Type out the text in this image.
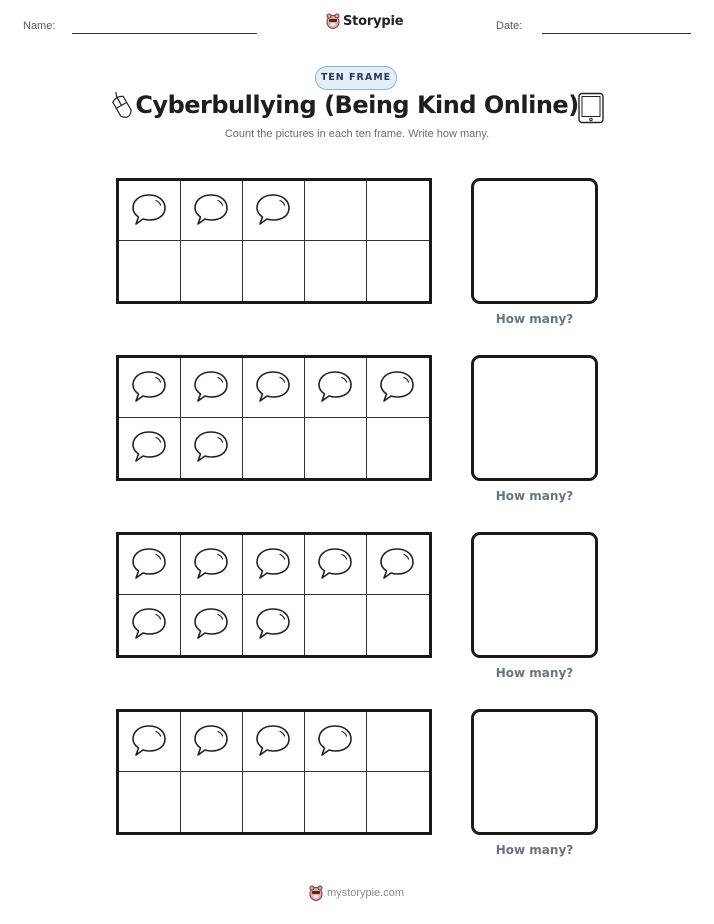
Name:	Storypie	Date:
TEN FRAME
Cyberbullying (Being Kind Online)
Count the pictures in each ten frame. Write how many.
How many?
How many?
How many?
How many?
mystorypie.com
